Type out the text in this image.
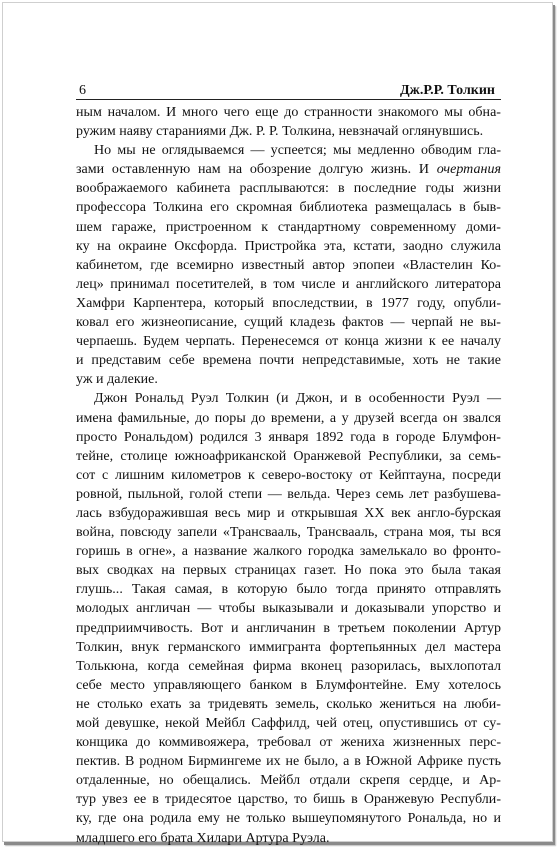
6	Дж.Р.Р. Толкин
ным началом. И много чего еще до странности знакомого мы обна-
ружим наяву стараниями Дж. Р. Р. Толкина, невзначай оглянувшись.
Но мы не оглядываемся — успеется; мы медленно обводим гла-
зами оставленную нам на обозрение долгую жизнь. И очертания
воображаемого кабинета расплываются: в последние годы жизни
профессора Толкина его скромная библиотека размещалась в быв-
шем гараже, пристроенном к стандартному современному доми-
ку на окраине Оксфорда. Пристройка эта, кстати, заодно служила
кабинетом, где всемирно известный автор эпопеи «Властелин Ко-
лец» принимал посетителей, в том числе и английского литератора
Хамфри Карпентера, который впоследствии, в 1977 году, опубли-
ковал его жизнеописание, сущий кладезь фактов — черпай не вы-
черпаешь. Будем черпать. Перенесемся от конца жизни к ее началу
и представим себе времена почти непредставимые, хоть не такие
уж и далекие.
Джон Рональд Руэл Толкин (и Джон, и в особенности Руэл —
имена фамильные, до поры до времени, а у друзей всегда он звался
просто Рональдом) родился 3 января 1892 года в городе Блумфон-
тейне, столице южноафриканской Оранжевой Республики, за семь-
сот с лишним километров к северо-востоку от Кейптауна, посреди
ровной, пыльной, голой степи — вельда. Через семь лет разбушева-
лась взбудоражившая весь мир и открывшая XX век англо-бурская
война, повсюду запели «Трансвааль, Трансвааль, страна моя, ты вся
горишь в огне», а название жалкого городка замелькало во фронто-
вых сводках на первых страницах газет. Но пока это была такая
глушь... Такая самая, в которую было тогда принято отправлять
молодых англичан — чтобы выказывали и доказывали упорство и
предприимчивость. Вот и англичанин в третьем поколении Артур
Толкин, внук германского иммигранта фортепьянных дел мастера
Толькюна, когда семейная фирма вконец разорилась, выхлопотал
себе место управляющего банком в Блумфонтейне. Ему хотелось
не столько ехать за тридевять земель, сколько жениться на люби-
мой девушке, некой Мейбл Саффилд, чей отец, опустившись от су-
конщика до коммивояжера, требовал от жениха жизненных перс-
пектив. В родном Бирмингеме их не было, а в Южной Африке пусть
отдаленные, но обещались. Мейбл отдали скрепя сердце, и Ар-
тур увез ее в тридесятое царство, то бишь в Оранжевую Республи-
ку, где она родила ему не только вышеупомянутого Рональда, но и
младшего его брата Хилари Артура Руэла.
